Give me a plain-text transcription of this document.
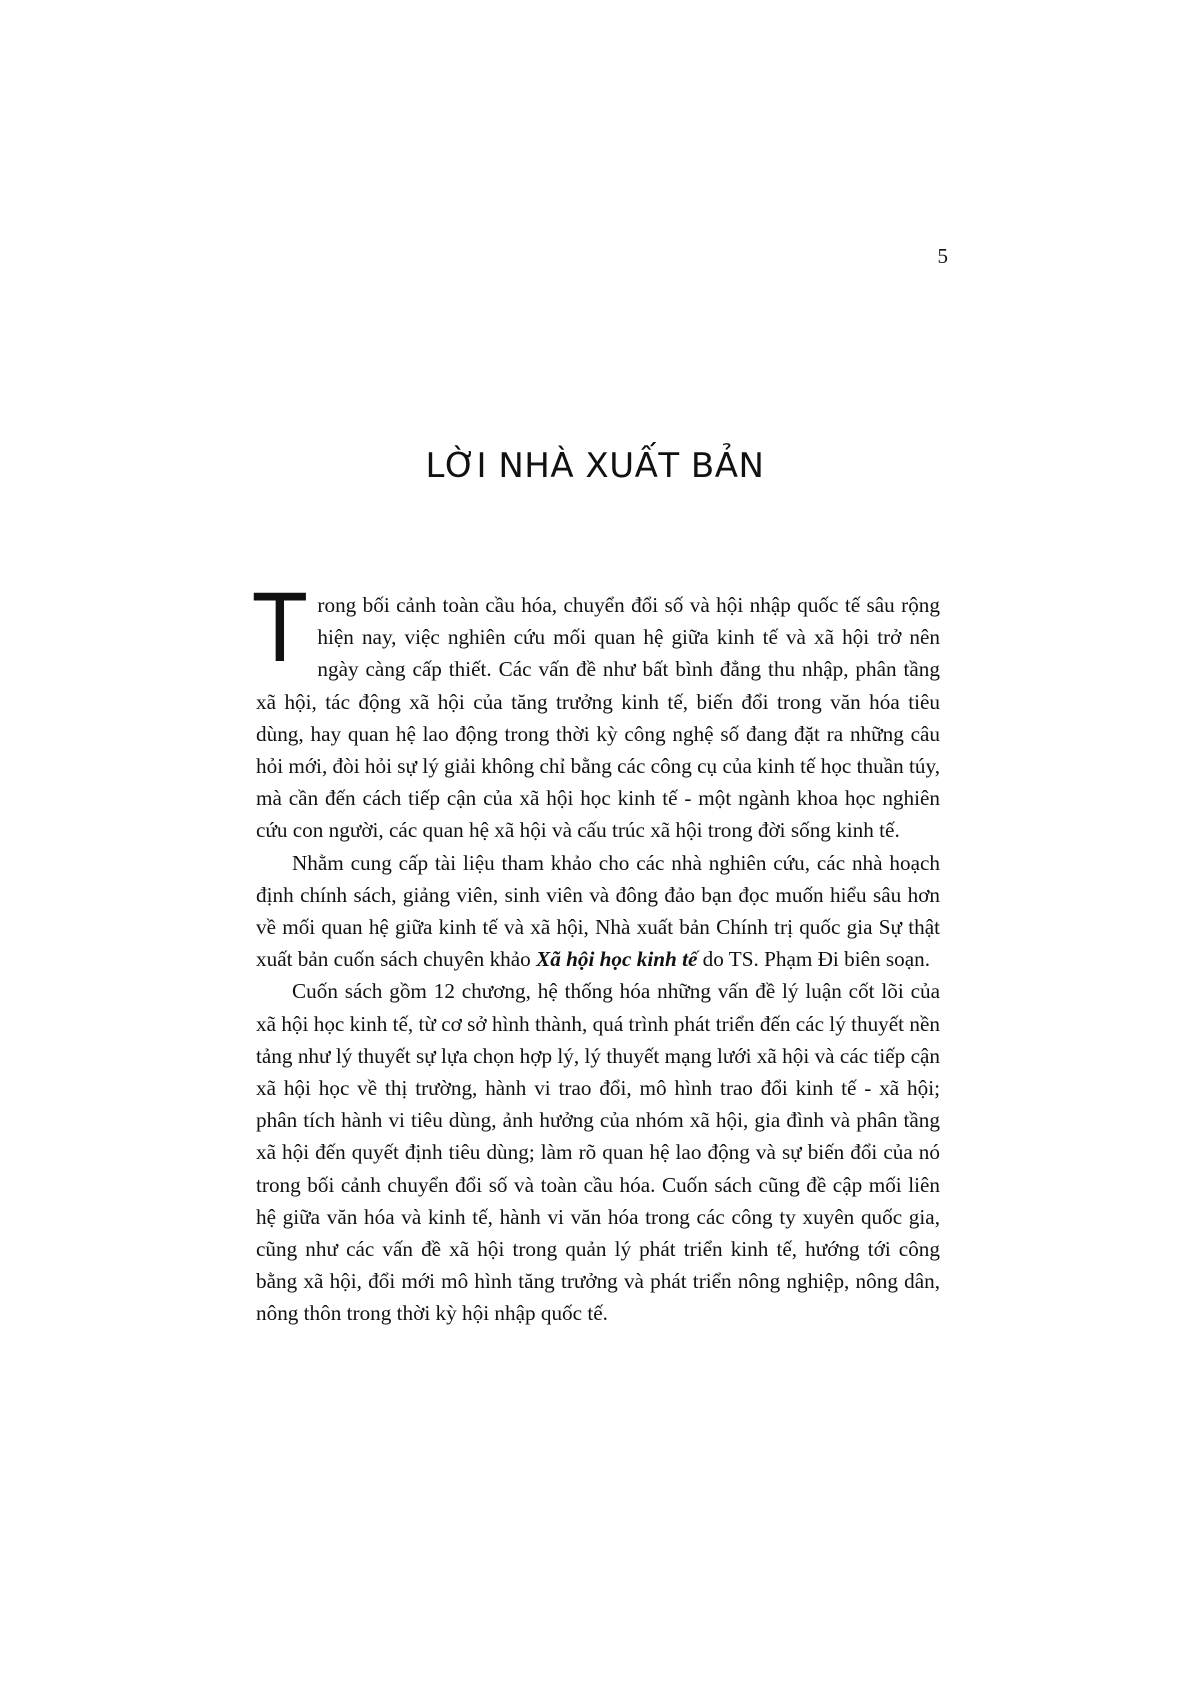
5
LỜI NHÀ XUẤT BẢN

Trong bối cảnh toàn cầu hóa, chuyển đổi số và hội nhập quốc tế sâu rộng hiện nay, việc nghiên cứu mối quan hệ giữa kinh tế và xã hội trở nên ngày càng cấp thiết. Các vấn đề như bất bình đẳng thu nhập, phân tầng xã hội, tác động xã hội của tăng trưởng kinh tế, biến đổi trong văn hóa tiêu dùng, hay quan hệ lao động trong thời kỳ công nghệ số đang đặt ra những câu hỏi mới, đòi hỏi sự lý giải không chỉ bằng các công cụ của kinh tế học thuần túy, mà cần đến cách tiếp cận của xã hội học kinh tế - một ngành khoa học nghiên cứu con người, các quan hệ xã hội và cấu trúc xã hội trong đời sống kinh tế.

Nhằm cung cấp tài liệu tham khảo cho các nhà nghiên cứu, các nhà hoạch định chính sách, giảng viên, sinh viên và đông đảo bạn đọc muốn hiểu sâu hơn về mối quan hệ giữa kinh tế và xã hội, Nhà xuất bản Chính trị quốc gia Sự thật xuất bản cuốn sách chuyên khảo Xã hội học kinh tế do TS. Phạm Đi biên soạn.

Cuốn sách gồm 12 chương, hệ thống hóa những vấn đề lý luận cốt lõi của xã hội học kinh tế, từ cơ sở hình thành, quá trình phát triển đến các lý thuyết nền tảng như lý thuyết sự lựa chọn hợp lý, lý thuyết mạng lưới xã hội và các tiếp cận xã hội học về thị trường, hành vi trao đổi, mô hình trao đổi kinh tế - xã hội; phân tích hành vi tiêu dùng, ảnh hưởng của nhóm xã hội, gia đình và phân tầng xã hội đến quyết định tiêu dùng; làm rõ quan hệ lao động và sự biến đổi của nó trong bối cảnh chuyển đổi số và toàn cầu hóa. Cuốn sách cũng đề cập mối liên hệ giữa văn hóa và kinh tế, hành vi văn hóa trong các công ty xuyên quốc gia, cũng như các vấn đề xã hội trong quản lý phát triển kinh tế, hướng tới công bằng xã hội, đổi mới mô hình tăng trưởng và phát triển nông nghiệp, nông dân, nông thôn trong thời kỳ hội nhập quốc tế.
